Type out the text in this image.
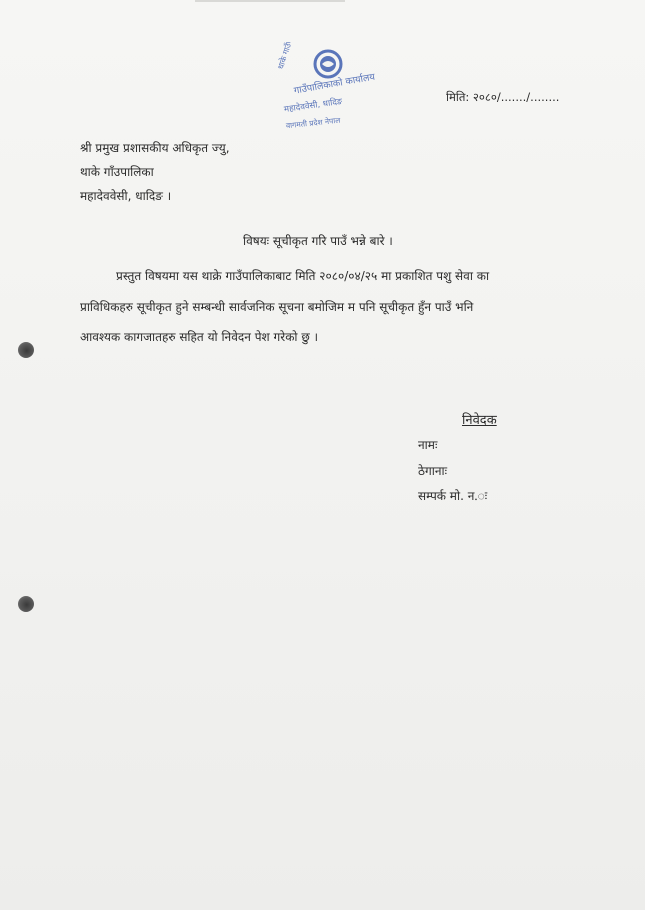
धाके गाउँपालिका
गाउँपालिकाको कार्यालय
महादेववेसी, धादिङ
वागमती प्रदेश नेपाल
मिति: २०८०/......./........
श्री प्रमुख प्रशासकीय अधिकृत ज्यु,
थाके गाँउपालिका
महादेववेसी, धादिङ ।
विषयः सूचीकृत गरि पाउँ भन्ने बारे ।
प्रस्तुत विषयमा यस थाक्रे गाउँपालिकाबाट मिति २०८०/०४/२५ मा प्रकाशित पशु सेवा का
प्राविधिकहरु सूचीकृत हुने सम्बन्धी सार्वजनिक सूचना बमोजिम म पनि सूचीकृत हुँन पाउँ भनि
आवश्यक कागजातहरु सहित यो निवेदन पेश गरेको छु ।
निवेदक
नामः
ठेगानाः
सम्पर्क मो. न.ः
